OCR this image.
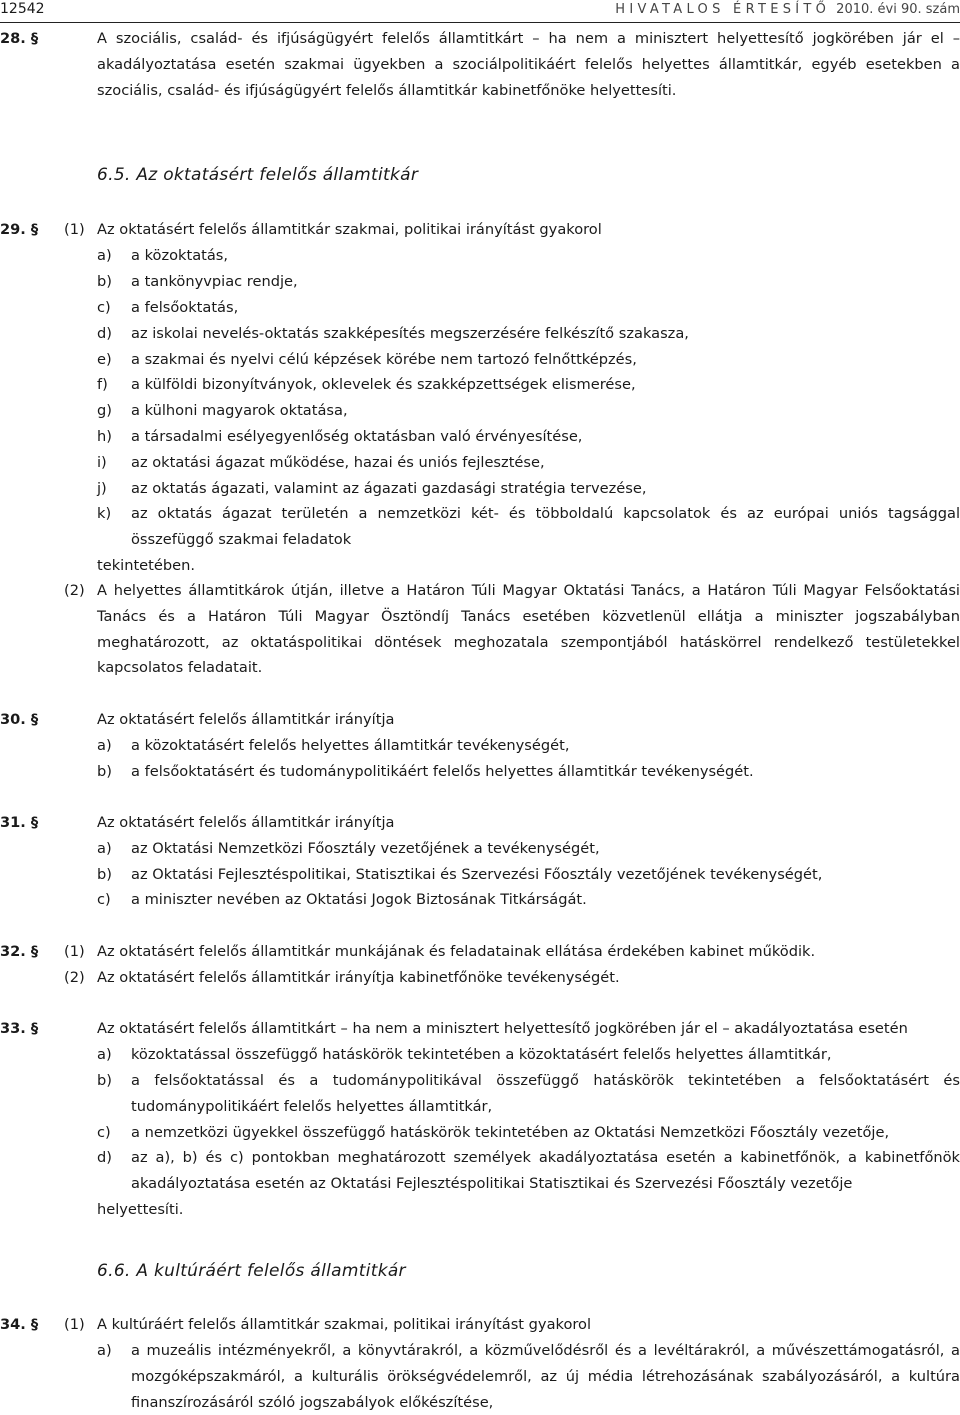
12542	HIVATALOS ÉRTESÍTŐ 2010. évi 90. szám
28. §	A szociális, család- és ifjúságügyért felelős államtitkárt – ha nem a minisztert helyettesítő jogkörében jár el – akadályoztatása esetén szakmai ügyekben a szociálpolitikáért felelős helyettes államtitkár, egyéb esetekben a szociális, család- és ifjúságügyért felelős államtitkár kabinetfőnöke helyettesíti.
6.5. Az oktatásért felelős államtitkár
29. § (1) Az oktatásért felelős államtitkár szakmai, politikai irányítást gyakorol
a) a közoktatás,
b) a tankönyvpiac rendje,
c) a felsőoktatás,
d) az iskolai nevelés-oktatás szakképesítés megszerzésére felkészítő szakasza,
e) a szakmai és nyelvi célú képzések körébe nem tartozó felnőttképzés,
f) a külföldi bizonyítványok, oklevelek és szakképzettségek elismerése,
g) a külhoni magyarok oktatása,
h) a társadalmi esélyegyenlőség oktatásban való érvényesítése,
i) az oktatási ágazat működése, hazai és uniós fejlesztése,
j) az oktatás ágazati, valamint az ágazati gazdasági stratégia tervezése,
k) az oktatás ágazat területén a nemzetközi két- és többoldalú kapcsolatok és az európai uniós tagsággal összefüggő szakmai feladatok
tekintetében.
(2) A helyettes államtitkárok útján, illetve a Határon Túli Magyar Oktatási Tanács, a Határon Túli Magyar Felsőoktatási Tanács és a Határon Túli Magyar Ösztöndíj Tanács esetében közvetlenül ellátja a miniszter jogszabályban meghatározott, az oktatáspolitikai döntések meghozatala szempontjából hatáskörrel rendelkező testületekkel kapcsolatos feladatait.
30. §	Az oktatásért felelős államtitkár irányítja
a) a közoktatásért felelős helyettes államtitkár tevékenységét,
b) a felsőoktatásért és tudománypolitikáért felelős helyettes államtitkár tevékenységét.
31. §	Az oktatásért felelős államtitkár irányítja
a) az Oktatási Nemzetközi Főosztály vezetőjének a tevékenységét,
b) az Oktatási Fejlesztéspolitikai, Statisztikai és Szervezési Főosztály vezetőjének tevékenységét,
c) a miniszter nevében az Oktatási Jogok Biztosának Titkárságát.
32. § (1) Az oktatásért felelős államtitkár munkájának és feladatainak ellátása érdekében kabinet működik.
(2) Az oktatásért felelős államtitkár irányítja kabinetfőnöke tevékenységét.
33. §	Az oktatásért felelős államtitkárt – ha nem a minisztert helyettesítő jogkörében jár el – akadályoztatása esetén
a) közoktatással összefüggő hatáskörök tekintetében a közoktatásért felelős helyettes államtitkár,
b) a felsőoktatással és a tudománypolitikával összefüggő hatáskörök tekintetében a felsőoktatásért és tudománypolitikáért felelős helyettes államtitkár,
c) a nemzetközi ügyekkel összefüggő hatáskörök tekintetében az Oktatási Nemzetközi Főosztály vezetője,
d) az a), b) és c) pontokban meghatározott személyek akadályoztatása esetén a kabinetfőnök, a kabinetfőnök akadályoztatása esetén az Oktatási Fejlesztéspolitikai Statisztikai és Szervezési Főosztály vezetője
helyettesíti.
6.6. A kultúráért felelős államtitkár
34. § (1) A kultúráért felelős államtitkár szakmai, politikai irányítást gyakorol
a) a muzeális intézményekről, a könyvtárakról, a közművelődésről és a levéltárakról, a művészettámogatásról, a mozgóképszakmáról, a kulturális örökségvédelemről, az új média létrehozásának szabályozásáról, a kultúra finanszírozásáról szóló jogszabályok előkészítése,
